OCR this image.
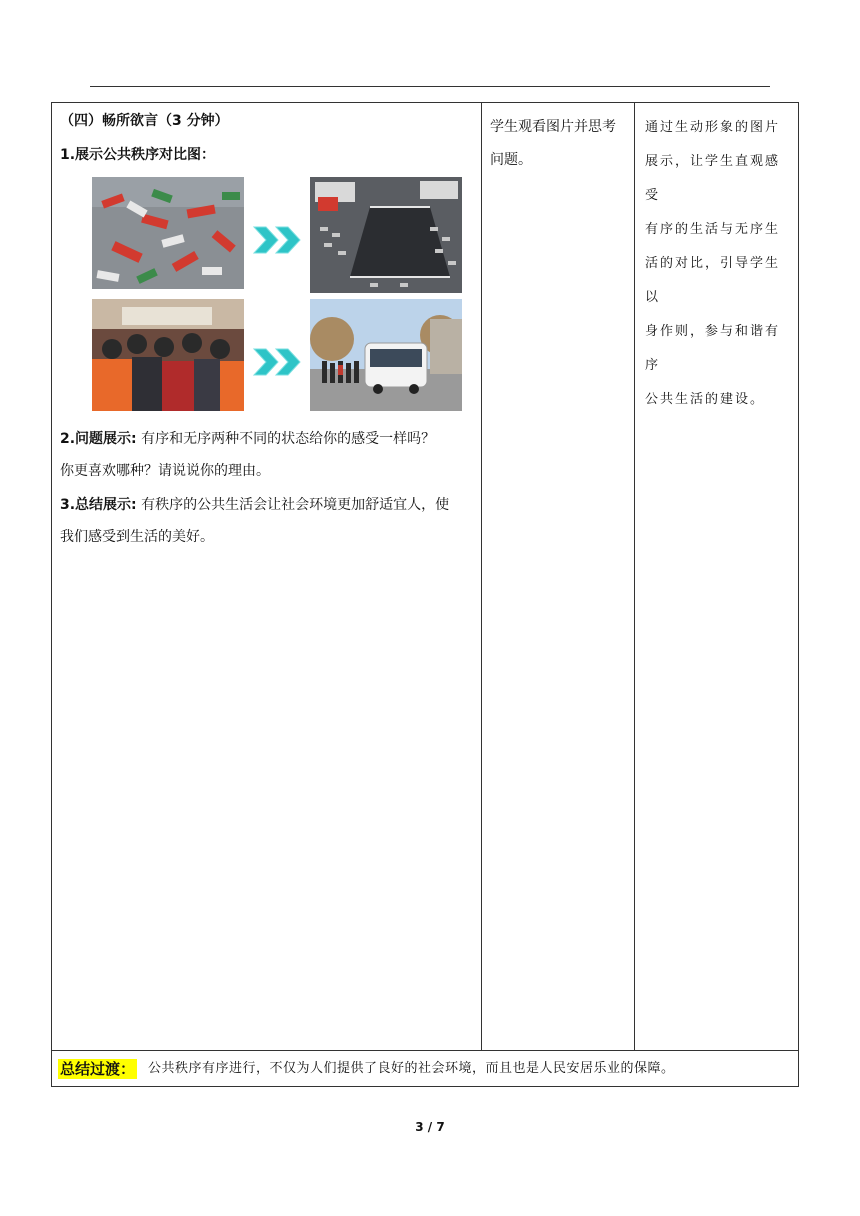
（四）畅所欲言（3 分钟）
1.展示公共秩序对比图：
2.问题展示: 有序和无序两种不同的状态给你的感受一样吗？
你更喜欢哪种？请说说你的理由。
3.总结展示: 有秩序的公共生活会让社会环境更加舒适宜人，使
我们感受到生活的美好。
学生观看图片并思考
问题。
通过生动形象的图片
展示，让学生直观感受
有序的生活与无序生
活的对比，引导学生以
身作则，参与和谐有序
公共生活的建设。
总结过渡： 公共秩序有序进行，不仅为人们提供了良好的社会环境，而且也是人民安居乐业的保障。
3 / 7
